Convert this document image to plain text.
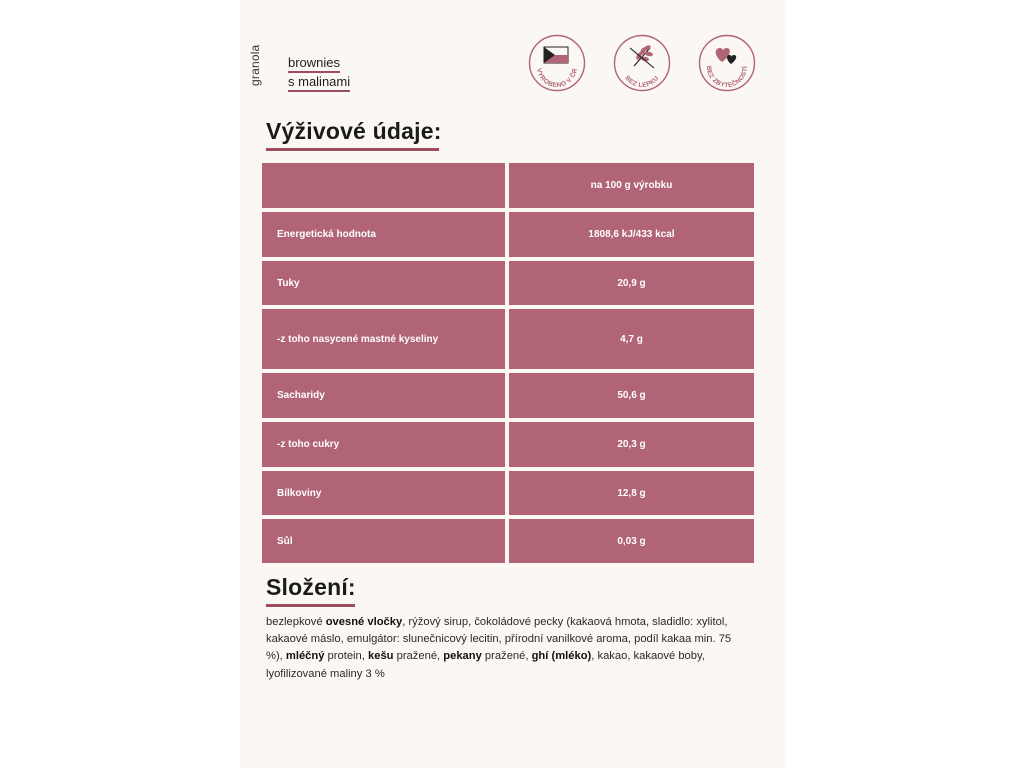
granola brownies
s malinami
VYROBENO V ČR
BEZ LEPKU
BEZ ZBYTEČNOSTÍ
Výživové údaje:
na 100 g výrobku
Energetická hodnota	1808,6 kJ/433 kcal
Tuky	20,9 g
-z toho nasycené mastné kyseliny	4,7 g
Sacharidy	50,6 g
-z toho cukry	20,3 g
Bílkoviny	12,8 g
Sůl	0,03 g
Složení:
bezlepkové ovesné vločky, rýžový sirup, čokoládové pecky (kakaová hmota, sladidlo: xylitol, kakaové máslo, emulgátor: slunečnicový lecitin, přírodní vanilkové aroma, podíl kakaa min. 75 %), mléčný protein, kešu pražené, pekany pražené, ghí (mléko), kakao, kakaové boby, lyofilizované maliny 3 %
